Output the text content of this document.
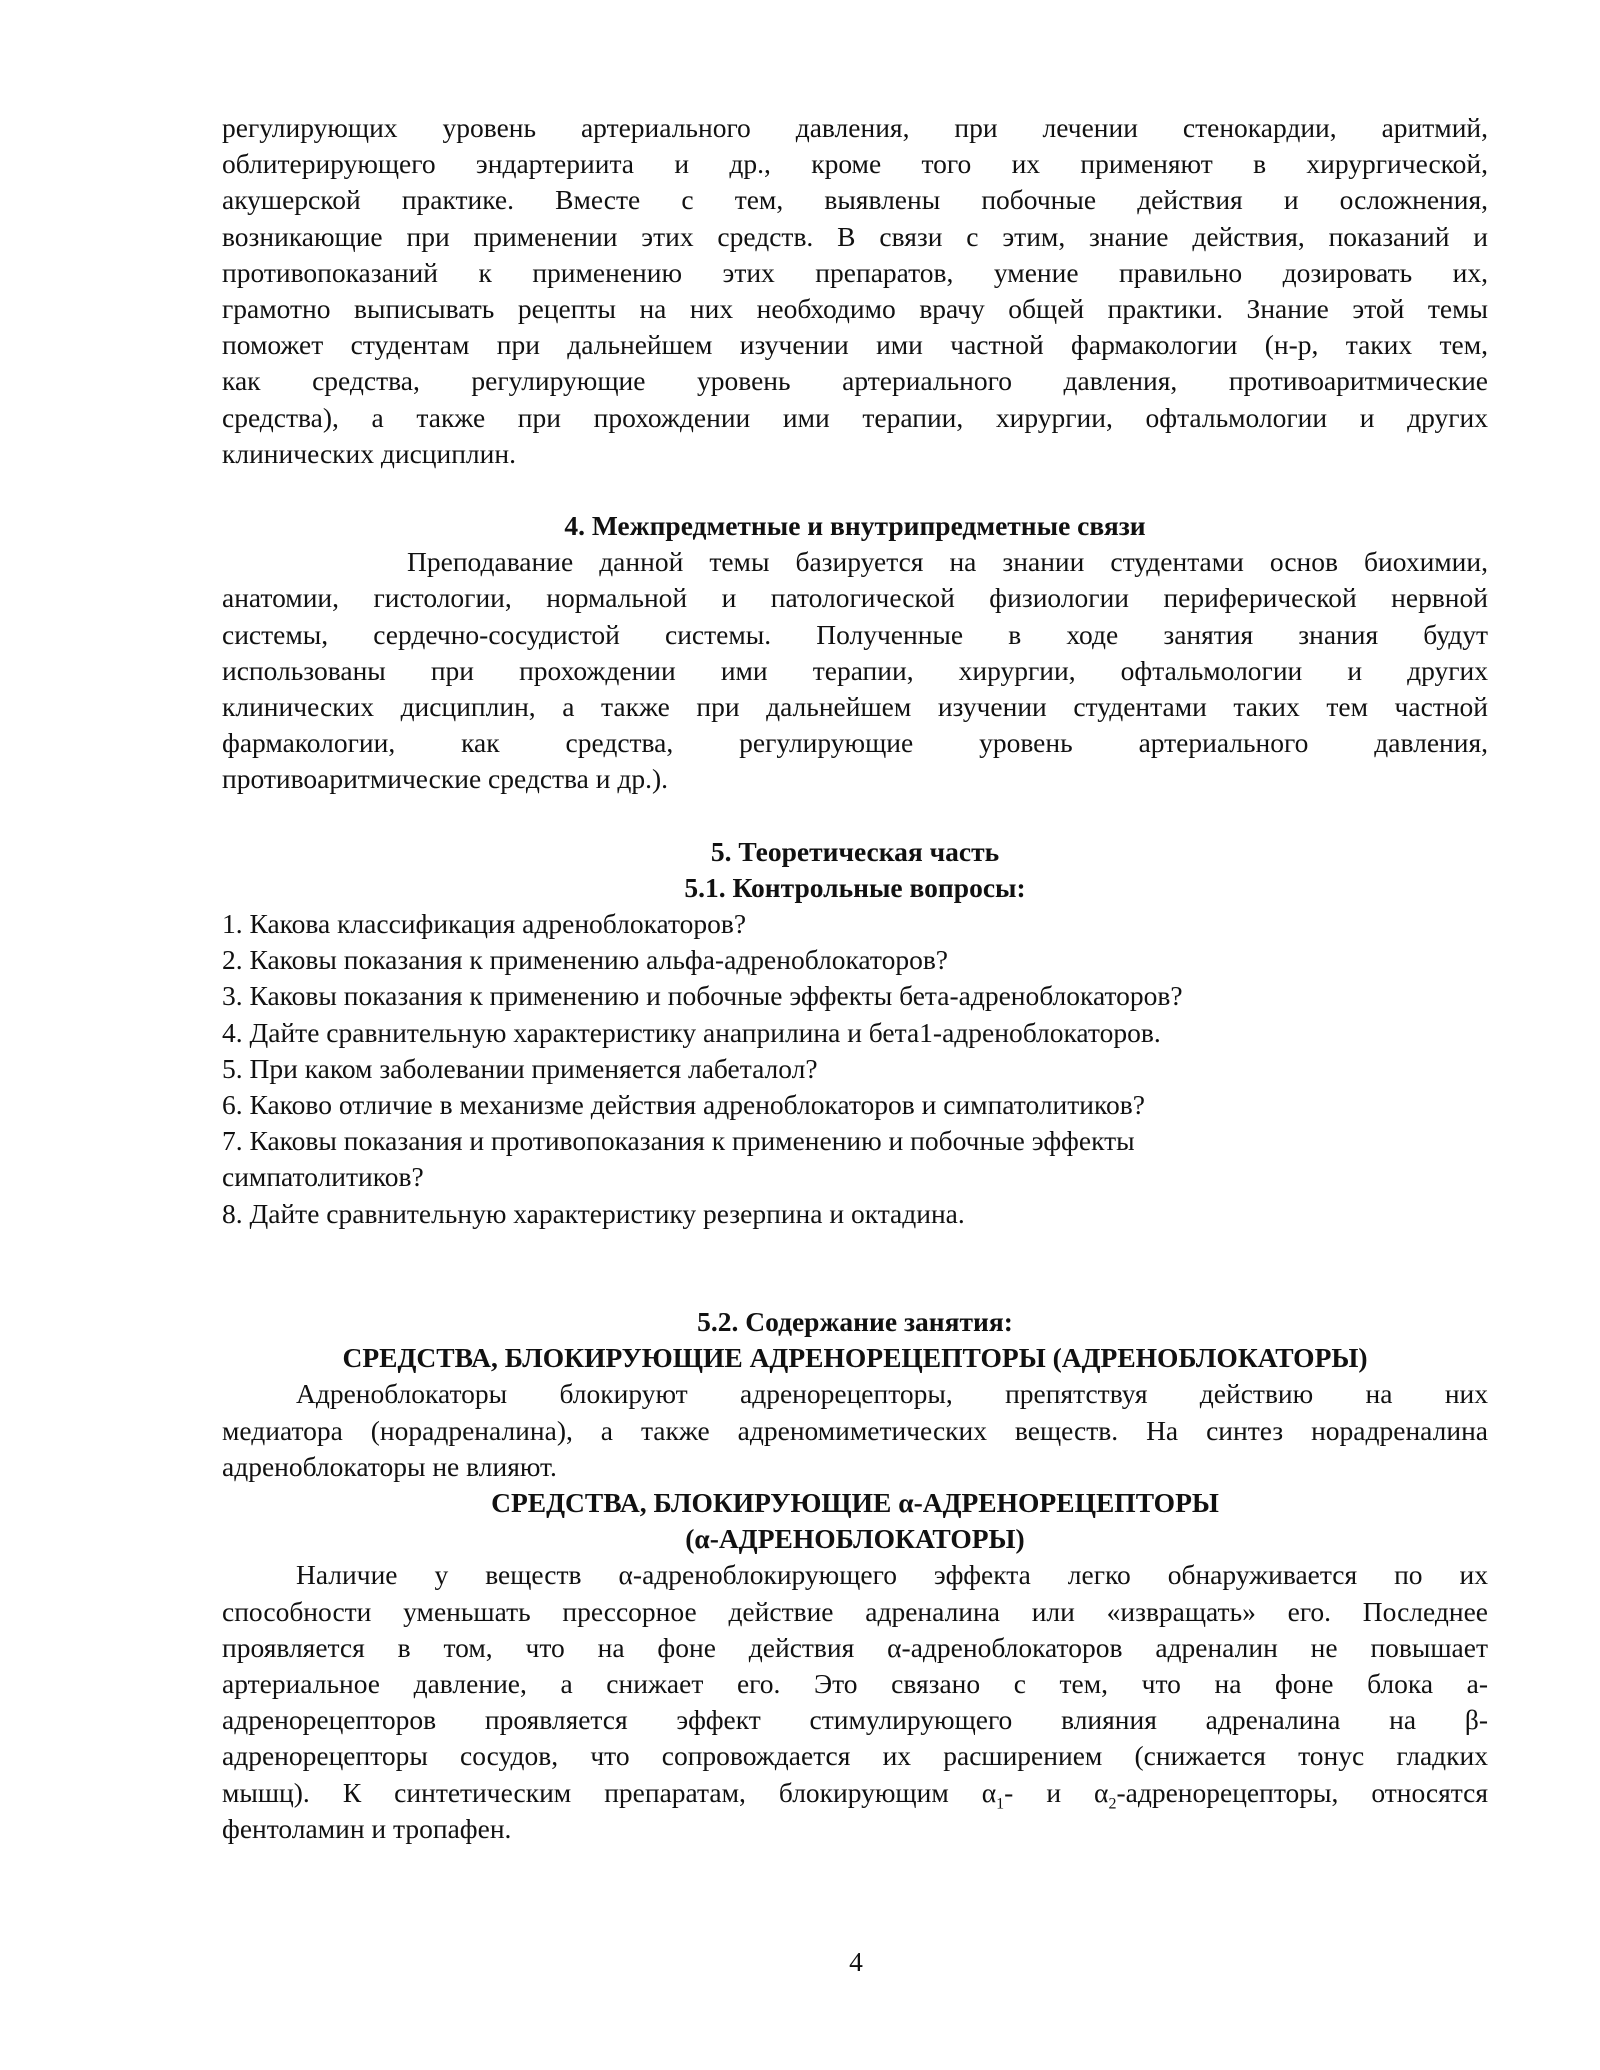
регулирующих уровень артериального давления, при лечении стенокардии, аритмий,

облитерирующего эндартериита и др., кроме того их применяют в хирургической,

акушерской практике. Вместе с тем, выявлены побочные действия и осложнения,

возникающие при применении этих средств. В связи с этим, знание действия, показаний и

противопоказаний к применению этих препаратов, умение правильно дозировать их,

грамотно выписывать рецепты на них необходимо врачу общей практики. Знание этой темы

поможет студентам при дальнейшем изучении ими частной фармакологии (н-р, таких тем,

как средства, регулирующие уровень артериального давления, противоаритмические

средства), а также при прохождении ими терапии, хирургии, офтальмологии и других

клинических дисциплин.

4. Межпредметные и внутрипредметные связи

Преподавание данной темы базируется на знании студентами основ биохимии,

анатомии, гистологии, нормальной и патологической физиологии периферической нервной

системы, сердечно-сосудистой системы. Полученные в ходе занятия знания будут

использованы при прохождении ими терапии, хирургии, офтальмологии и других

клинических дисциплин, а также при дальнейшем изучении студентами таких тем частной

фармакологии, как средства, регулирующие уровень артериального давления,

противоаритмические средства и др.).

5. Теоретическая часть

5.1. Контрольные вопросы:

1. Какова классификация адреноблокаторов?

2. Каковы показания к применению альфа-адреноблокаторов?

3. Каковы показания к применению и побочные эффекты бета-адреноблокаторов?

4. Дайте сравнительную характеристику анаприлина и бета1-адреноблокаторов.

5. При каком заболевании применяется лабеталол?

6. Каково отличие в механизме действия адреноблокаторов и симпатолитиков?

7. Каковы показания и противопоказания к применению и побочные эффекты

симпатолитиков?

8. Дайте сравнительную характеристику резерпина и октадина.

5.2. Содержание занятия:

СРЕДСТВА, БЛОКИРУЮЩИЕ АДРЕНОРЕЦЕПТОРЫ (АДРЕНОБЛОКАТОРЫ)

Адреноблокаторы блокируют адренорецепторы, препятствуя действию на них

медиатора (норадреналина), а также адреномиметических веществ. На синтез норадреналина

адреноблокаторы не влияют.

СРЕДСТВА, БЛОКИРУЮЩИЕ α-АДРЕНОРЕЦЕПТОРЫ

(α-АДРЕНОБЛОКАТОРЫ)

Наличие у веществ α-адреноблокирующего эффекта легко обнаруживается по их

способности уменьшать прессорное действие адреналина или «извращать» его. Последнее

проявляется в том, что на фоне действия α-адреноблокаторов адреналин не повышает

артериальное давление, а снижает его. Это связано с тем, что на фоне блока а-

адренорецепторов проявляется эффект стимулирующего влияния адреналина на β-

адренорецепторы сосудов, что сопровождается их расширением (снижается тонус гладких

мышц). К синтетическим препаратам, блокирующим $\alpha_1-$ и $\alpha_2$-адренорецепторы, относятся

фентоламин и тропафен.

4
